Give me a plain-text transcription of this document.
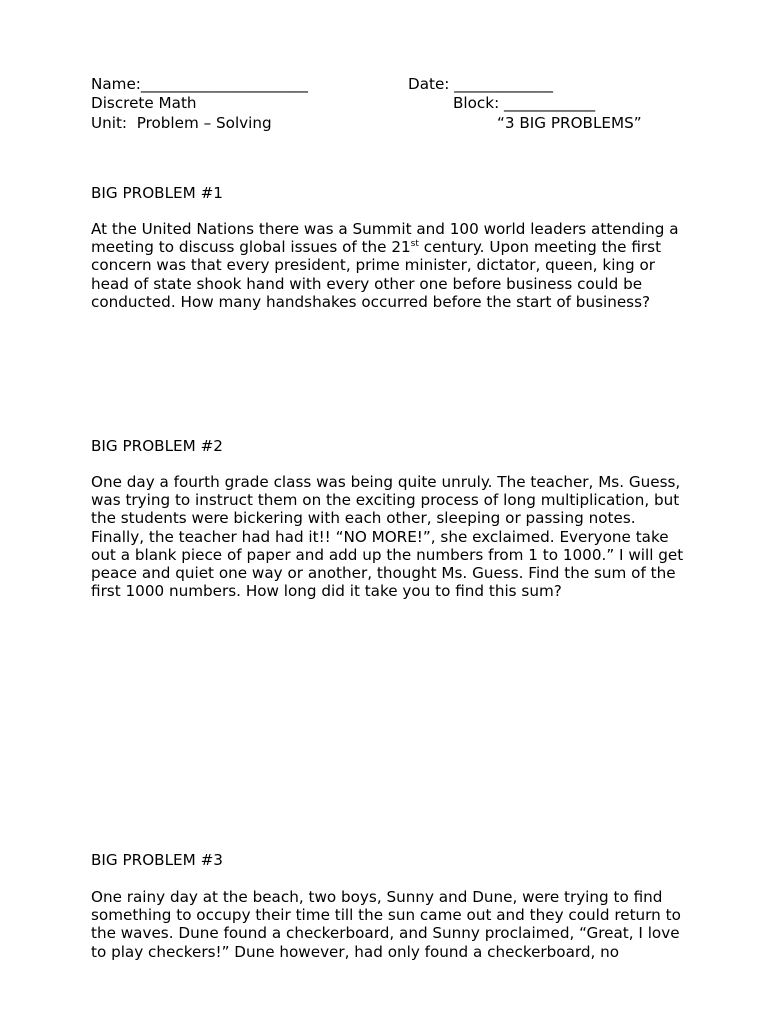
Name:______________________	Date: _____________
Discrete Math	Block: ____________
Unit:  Problem – Solving	“3 BIG PROBLEMS”
BIG PROBLEM #1
At the United Nations there was a Summit and 100 world leaders attending a meeting to discuss global issues of the 21st century. Upon meeting the first concern was that every president, prime minister, dictator, queen, king or head of state shook hand with every other one before business could be conducted. How many handshakes occurred before the start of business?
BIG PROBLEM #2
One day a fourth grade class was being quite unruly. The teacher, Ms. Guess, was trying to instruct them on the exciting process of long multiplication, but the students were bickering with each other, sleeping or passing notes. Finally, the teacher had had it!! “NO MORE!”, she exclaimed. Everyone take out a blank piece of paper and add up the numbers from 1 to 1000.” I will get peace and quiet one way or another, thought Ms. Guess. Find the sum of the first 1000 numbers. How long did it take you to find this sum?
BIG PROBLEM #3
One rainy day at the beach, two boys, Sunny and Dune, were trying to find something to occupy their time till the sun came out and they could return to the waves. Dune found a checkerboard, and Sunny proclaimed, “Great, I love to play checkers!” Dune however, had only found a checkerboard, no
